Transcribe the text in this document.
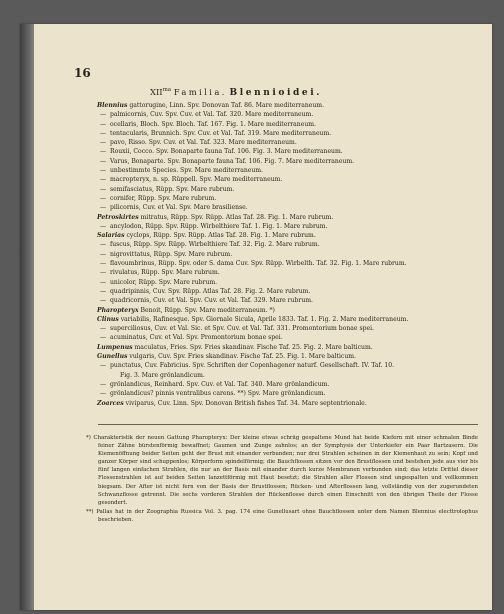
16

$XII^{ma}$ Familia. Blennioidei.

Blennius gattorugine, Linn. Spv. Donovan Taf. 86. Mare mediterraneum.
— palmicornis, Cuv. Spv. Cuv. et Val. Taf. 320. Mare mediterraneum.
— ocellaris, Bloch. Spv. Bloch. Taf. 167. Fig. 1. Mare mediterraneum.
— tentacularis, Brunnich. Spv. Cuv. et Val. Taf. 319. Mare mediterraneum.
— pavo, Risso. Spv. Cuv. et Val. Taf. 323. Mare mediterraneum.
— Rouxii, Cocco. Spv. Bonaparte fauna Taf. 106. Fig. 3. Mare mediterraneum.
— Varus, Bonaparte. Spv. Bonaparte fauna Taf. 106. Fig. 7. Mare mediterraneum.
— unbestimmte Species. Spv. Mare mediterraneum.
— macropteryx, n. sp. Rüppell. Spv. Mare mediterraneum.
— semifasciatus, Rüpp. Spv. Mare rubrum.
— cornifer, Rüpp. Spv. Mare rubrum.
— pilicornis, Cuv. et Val. Spv. Mare brasiliense.
Petroskirtes mitratus, Rüpp. Spv. Rüpp. Atlas Taf. 28. Fig. 1. Mare rubrum.
— ancylodon, Rüpp. Spv. Rüpp. Wirbelthiere Taf. 1. Fig. 1. Mare rubrum.
Salarias cyclops, Rüpp. Spv. Rüpp. Atlas Taf. 28. Fig. 1. Mare rubrum.
— fuscus, Rüpp. Spv. Rüpp. Wirbelthiere Taf. 32. Fig. 2. Mare rubrum.
— nigrovittatus, Rüpp. Spv. Mare rubrum.
— flavoumbrinus, Rüpp. Spv. oder S. dama Cuv. Spv. Rüpp. Wirbelth. Taf. 32. Fig. 1. Mare rubrum.
— rivulatus, Rüpp. Spv. Mare rubrum.
— unicolor, Rüpp. Spv. Mare rubrum.
— quadripinnis, Cuv. Spv. Rüpp. Atlas Taf. 28. Fig. 2. Mare rubrum.
— quadricornis, Cuv. et Val. Spv. Cuv. et Val. Taf. 329. Mare rubrum.
Pharopteryx Benoit, Rüpp. Spv. Mare mediterraneum. *)
Clinus variabilis, Rafinesque. Spv. Giornale Sicula, Aprile 1833. Taf. 1. Fig. 2. Mare mediterraneum.
— superciliosus, Cuv. et Val. Sic. et Spv. Cuv. et Val. Taf. 331. Promontorium bonae spei.
— acuminatus, Cuv. et Val. Spv. Promontorium bonae spei.
Lumpenus maculatus, Fries. Spv. Fries skandinav. Fische Taf. 25. Fig. 2. Mare balticum.
Gunellus vulgaris, Cuv. Spv. Fries skandinav. Fische Taf. 25. Fig. 1. Mare balticum.
— punctatus, Cuv. Fabricius. Spv. Schriften der Copenhagener naturf. Gesellschaft. IV. Taf. 10.
Fig. 3. Mare grönlandicum.
— grönlandicus, Reinhard. Spv. Cuv. et Val. Taf. 340. Mare grönlandicum.
— grönlandicus? pinnis ventralibus carens. **) Spv. Mare grönlandicum.
Zoarces viviparus, Cuv. Linn. Spv. Donovan British fishes Taf. 34. Mare septentrionale.

*) Charakteristik der neuen Gattung Pharopteryx: Der kleine etwas schräg gespaltene Mund hat beide Kiefern mit einer schmalen Binde feiner Zähne bürstenförmig bewaffnet; Gaumen und Zunge zahnlos; an der Symphysis der Unterkiefer ein Paar Bartzasern. Die Kiemenöffnung beider Seiten geht der Brust mit einander verbunden; nur drei Strahlen scheinen in der Kiemenhaut zu sein; Kopf und ganzer Körper sind schuppenlos; Körperform spindelförmig; die Bauchflossen sitzen vor den Brustflossen und bestehen jede aus vier bis fünf langen einfachen Strahlen, die nur an der Basis mit einander durch kurze Membranen verbunden sind; das letzte Drittel dieser Flossenstrahlen ist auf beiden Seiten lanzettförmig mit Haut besetzt; die Strahlen aller Flossen sind ungespalten und vollkommen biegsam. Der After ist nicht fern von der Basis der Brustflossen; Rücken- und Afterflossen lang, vollständig von der zugerundeten Schwanzflosse getrennt. Die sechs vorderen Strahlen der Rückenflosse durch einen Einschnitt von den übrigen Theile der Flosse gesondert.

**) Pallas hat in der Zoographia Russica Vol. 3. pag. 174 eine Gunellusart ohne Bauchflossen unter dem Namen Blennius electtrolophus beschrieben.
